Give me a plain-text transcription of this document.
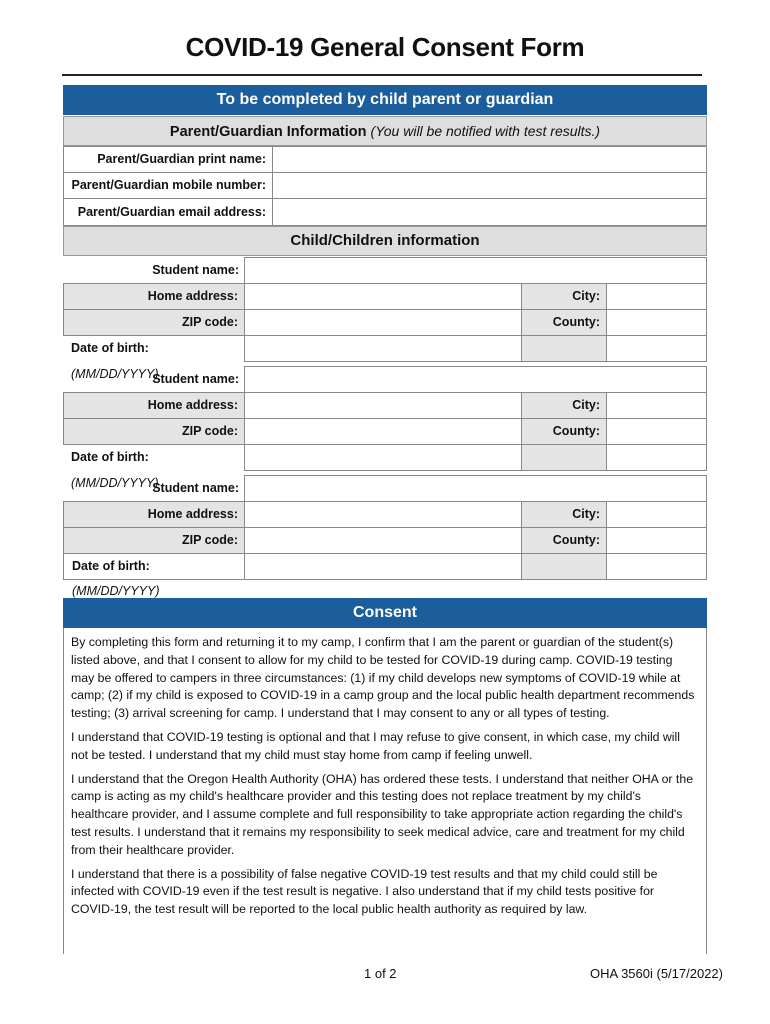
COVID-19 General Consent Form
To be completed by child parent or guardian
Parent/Guardian Information (You will be notified with test results.)
Parent/Guardian print name:
Parent/Guardian mobile number:
Parent/Guardian email address:
Child/Children information
Student name:
Home address:	City:
ZIP code:	County:
Date of birth: (MM/DD/YYYY)
Student name:
Home address:	City:
ZIP code:	County:
Date of birth: (MM/DD/YYYY)
Student name:
Home address:	City:
ZIP code:	County:
Date of birth: (MM/DD/YYYY)
Consent

By completing this form and returning it to my camp, I confirm that I am the parent or guardian of the student(s) listed above, and that I consent to allow for my child to be tested for COVID-19 during camp. COVID-19 testing may be offered to campers in three circumstances: (1) if my child develops new symptoms of COVID-19 while at camp; (2) if my child is exposed to COVID-19 in a camp group and the local public health department recommends testing; (3) arrival screening for camp. I understand that I may consent to any or all types of testing.

I understand that COVID-19 testing is optional and that I may refuse to give consent, in which case, my child will not be tested. I understand that my child must stay home from camp if feeling unwell.

I understand that the Oregon Health Authority (OHA) has ordered these tests. I understand that neither OHA or the camp is acting as my child's healthcare provider and this testing does not replace treatment by my child's healthcare provider, and I assume complete and full responsibility to take appropriate action regarding the child's test results. I understand that it remains my responsibility to seek medical advice, care and treatment for my child from their healthcare provider.

I understand that there is a possibility of false negative COVID-19 test results and that my child could still be infected with COVID-19 even if the test result is negative. I also understand that if my child tests positive for COVID-19, the test result will be reported to the local public health authority as required by law.

1 of 2	OHA 3560i (5/17/2022)
